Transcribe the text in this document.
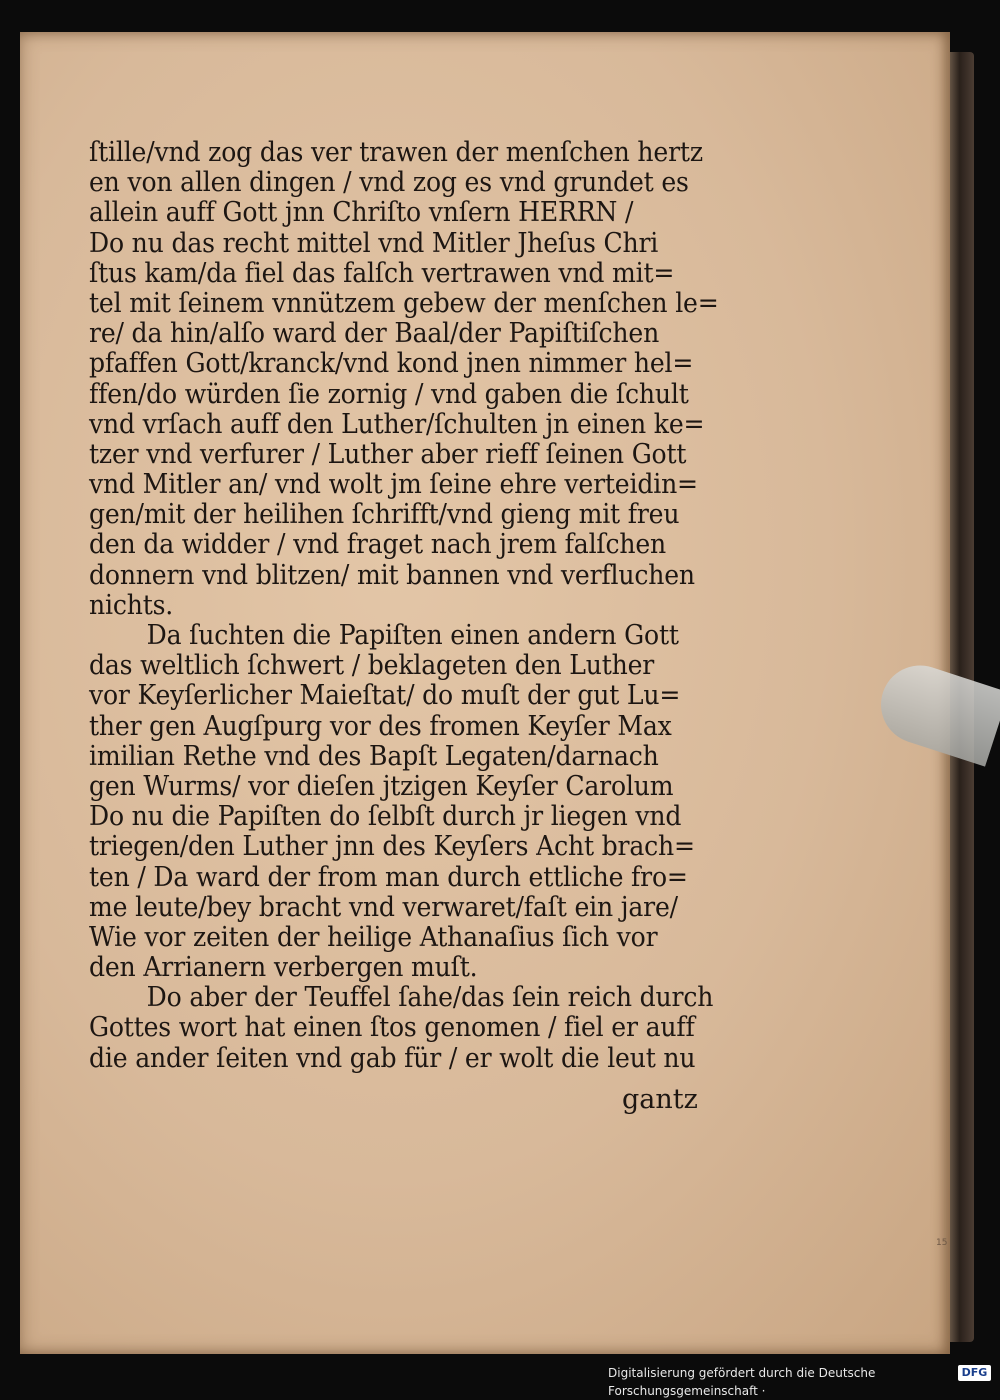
ſtille/vnd zog das ver trawen der menſchen hertz
en von allen dingen / vnd zog es vnd grundet es
allein auff Gott jnn Chriſto vnſern HERRN /
Do nu das recht mittel vnd Mitler Jheſus Chri
ſtus kam/da fiel das falſch vertrawen vnd mit=
tel mit ſeinem vnnützem gebew der menſchen le=
re/ da hin/alſo ward der Baal/der Papiſtiſchen
pfaffen Gott/kranck/vnd kond jnen nimmer hel=
ffen/do würden ſie zornig / vnd gaben die ſchult
vnd vrſach auff den Luther/ſchulten jn einen ke=
tzer vnd verfurer / Luther aber rieff ſeinen Gott
vnd Mitler an/ vnd wolt jm ſeine ehre verteidin=
gen/mit der heilihen ſchrifft/vnd gieng mit freu
den da widder / vnd fraget nach jrem falſchen
donnern vnd blitzen/ mit bannen vnd verfluchen
nichts.
Da ſuchten die Papiſten einen andern Gott
das weltlich ſchwert / beklageten den Luther
vor Keyſerlicher Maieſtat/ do muſt der gut Lu=
ther gen Augſpurg vor des fromen Keyſer Max
imilian Rethe vnd des Bapſt Legaten/darnach
gen Wurms/ vor dieſen jtzigen Keyſer Carolum
Do nu die Papiſten do ſelbſt durch jr liegen vnd
triegen/den Luther jnn des Keyſers Acht brach=
ten / Da ward der from man durch ettliche fro=
me leute/bey bracht vnd verwaret/faſt ein jare/
Wie vor zeiten der heilige Athanaſius ſich vor
den Arrianern verbergen muſt.
Do aber der Teuffel ſahe/das ſein reich durch
Gottes wort hat einen ſtos genomen / fiel er auff
die ander ſeiten vnd gab für / er wolt die leut nu
gantz
15
Digitalisierung gefördert durch die Deutsche Forschungsgemeinschaft ·
DFG
